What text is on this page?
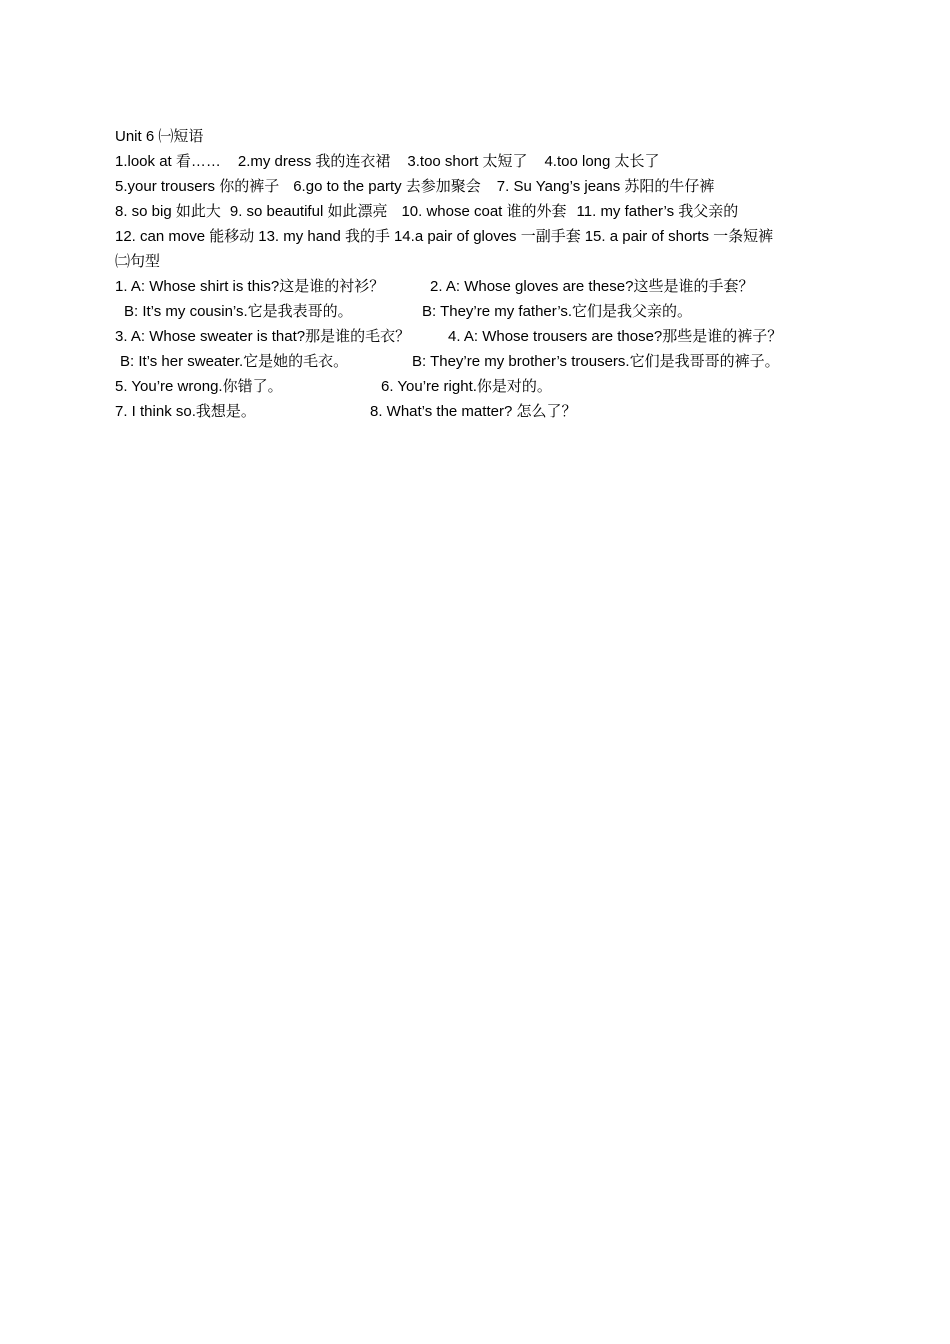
Unit 6 ㈠短语
1.look at 看…… 2.my dress 我的连衣裙 3.too short 太短了 4.too long 太长了
5.your trousers 你的裤子 6.go to the party 去参加聚会 7. Su Yang’s jeans 苏阳的牛仔裤
8. so big 如此大 9. so beautiful 如此漂亮 10. whose coat 谁的外套 11. my father’s 我父亲的
12. can move 能移动 13. my hand 我的手 14.a pair of gloves 一副手套 15. a pair of shorts 一条短裤
㈡句型
1. A: Whose shirt is this?这是谁的衬衫？	2. A: Whose gloves are these?这些是谁的手套？
B: It’s my cousin’s.它是我表哥的。	B: They’re my father’s.它们是我父亲的。
3. A: Whose sweater is that?那是谁的毛衣？	4. A: Whose trousers are those?那些是谁的裤子？
B: It’s her sweater.它是她的毛衣。	B: They’re my brother’s trousers.它们是我哥哥的裤子。
5. You’re wrong.你错了。	6. You’re right.你是对的。
7. I think so.我想是。	8. What’s the matter? 怎么了？
